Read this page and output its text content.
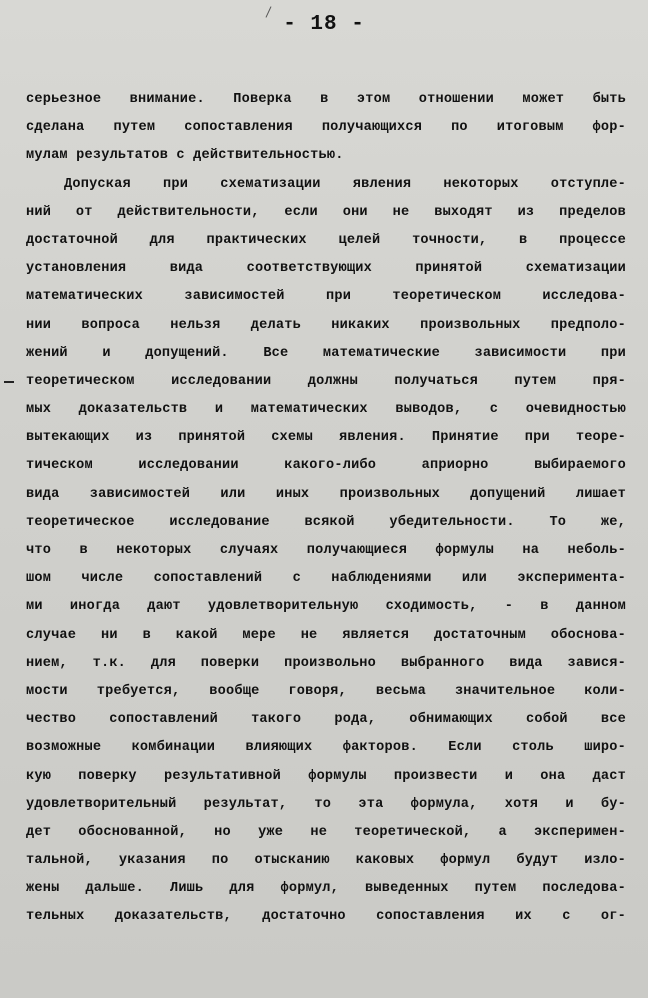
- 18 -
серьезное внимание. Поверка в этом отношении может быть
сделана путем сопоставления получающихся по итоговым фор-
мулам результатов с действительностью.
Допуская при схематизации явления некоторых отступле-
ний от действительности, если они не выходят из пределов
достаточной для практических целей точности, в процессе
установления вида соответствующих принятой схематизации
математических зависимостей при теоретическом исследова-
нии вопроса нельзя делать никаких произвольных предполо-
жений и допущений. Все математические зависимости при
теоретическом исследовании должны получаться путем пря-
мых доказательств и математических выводов, с очевидностью
вытекающих из принятой схемы явления. Принятие при теоре-
тическом исследовании какого-либо априорно выбираемого
вида зависимостей или иных произвольных допущений лишает
теоретическое исследование всякой убедительности. То же,
что в некоторых случаях получающиеся формулы на неболь-
шом числе сопоставлений с наблюдениями или эксперимента-
ми иногда дают удовлетворительную сходимость, - в данном
случае ни в какой мере не является достаточным обоснова-
нием, т.к. для поверки произвольно выбранного вида завися-
мости требуется, вообще говоря, весьма значительное коли-
чество сопоставлений такого рода, обнимающих собой все
возможные комбинации влияющих факторов. Если столь широ-
кую поверку результативной формулы произвести и она даст
удовлетворительный результат, то эта формула, хотя и бу-
дет обоснованной, но уже не теоретической, а эксперимен-
тальной, указания по отысканию каковых формул будут изло-
жены дальше. Лишь для формул, выведенных путем последова-
тельных доказательств, достаточно сопоставления их с ог-
